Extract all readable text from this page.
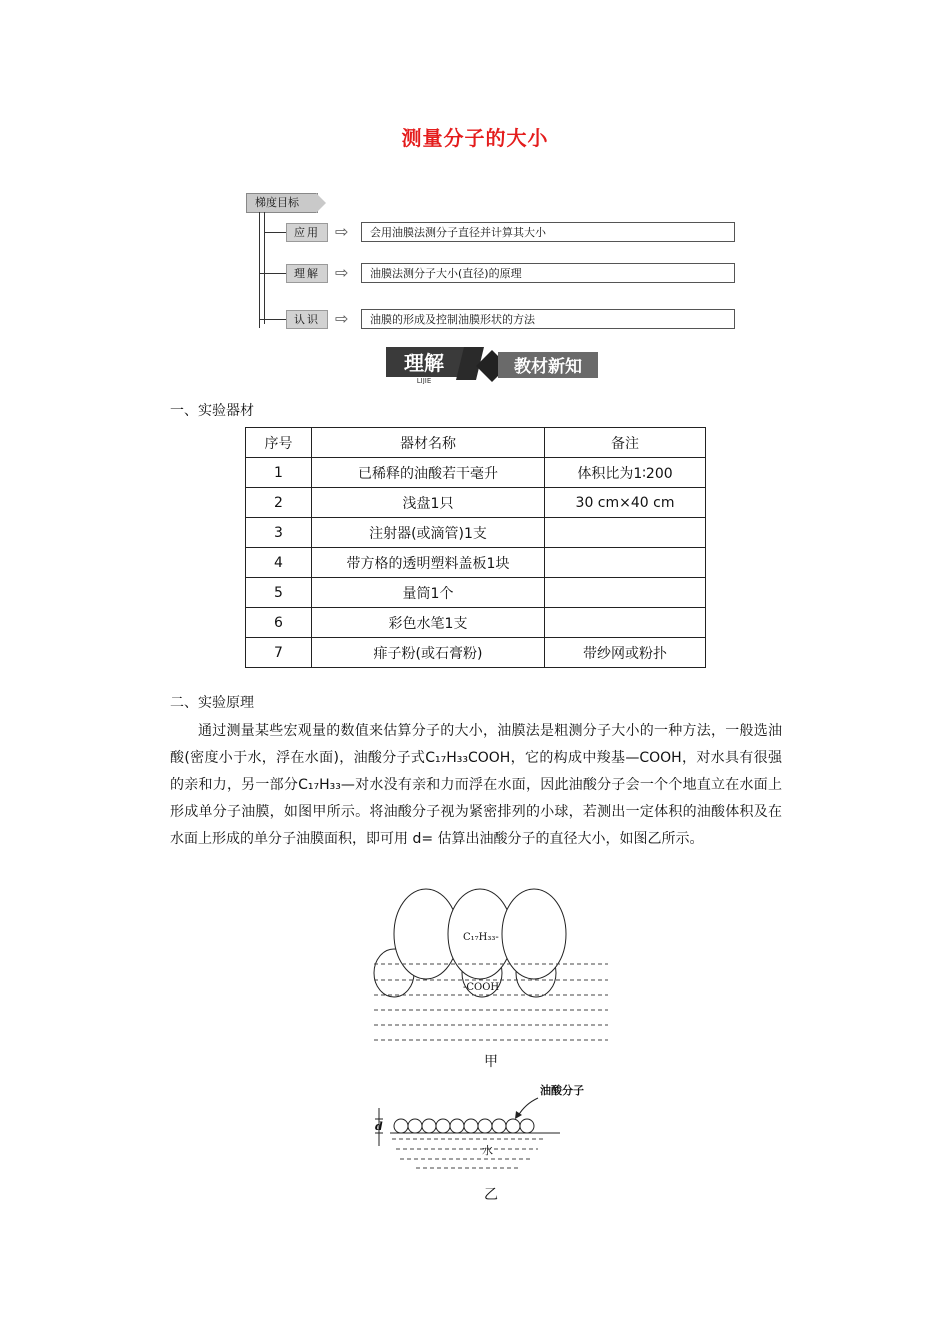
测量分子的大小
梯度目标
应用 ⇨	会用油膜法测分子直径并计算其大小
理解 ⇨	油膜法测分子大小(直径)的原理
认识 ⇨	油膜的形成及控制油膜形状的方法
理解
LIJIE
教材新知
一、实验器材
序号	器材名称	备注
1	已稀释的油酸若干毫升	体积比为1∶200
2	浅盘1只	30 cm×40 cm
3	注射器(或滴管)1支	
4	带方格的透明塑料盖板1块	
5	量筒1个	
6	彩色水笔1支	
7	痱子粉(或石膏粉)	带纱网或粉扑
二、实验原理
通过测量某些宏观量的数值来估算分子的大小，油膜法是粗测分子大小的一种方法，一般选油酸(密度小于水，浮在水面)，油酸分子式C₁₇H₃₃COOH，它的构成中羧基—COOH，对水具有很强的亲和力，另一部分C₁₇H₃₃—对水没有亲和力而浮在水面，因此油酸分子会一个个地直立在水面上形成单分子油膜，如图甲所示。将油酸分子视为紧密排列的小球，若测出一定体积的油酸体积及在水面上形成的单分子油膜面积，即可用 d= 估算出油酸分子的直径大小，如图乙所示。
C₁₇H₃₃-
-COOH
甲
油酸分子
水
d
乙
